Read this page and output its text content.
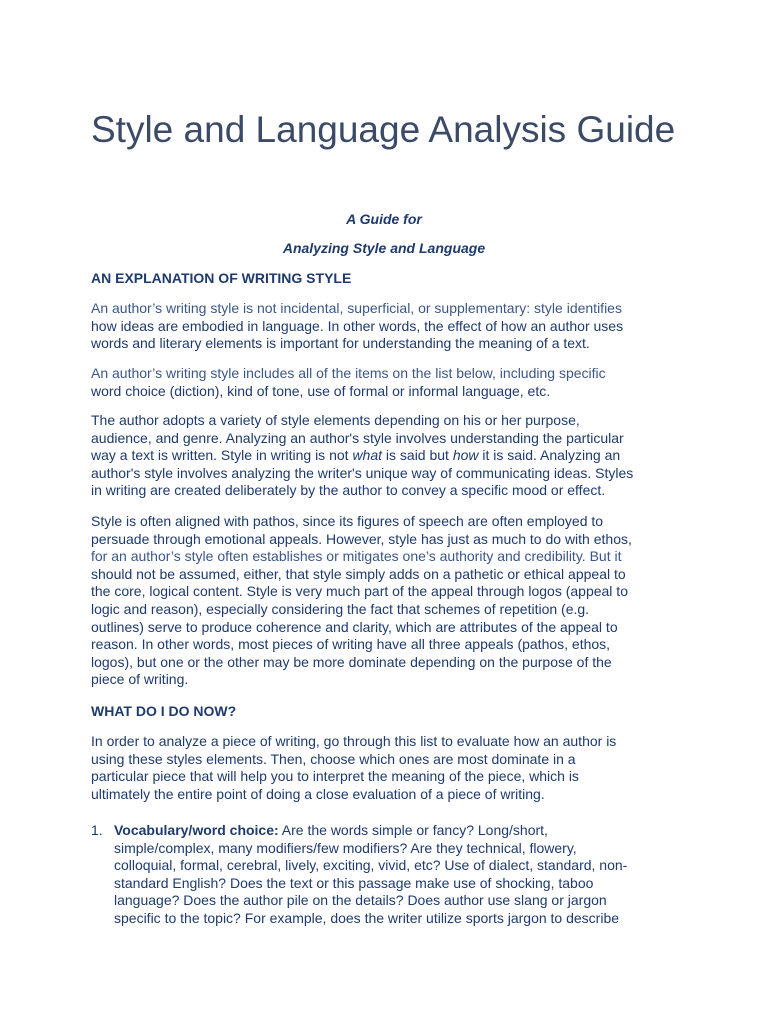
Style and Language Analysis Guide

A Guide for

Analyzing Style and Language

AN EXPLANATION OF WRITING STYLE
An author’s writing style is not incidental, superficial, or supplementary: style identifies
how ideas are embodied in language. In other words, the effect of how an author uses
words and literary elements is important for understanding the meaning of a text.
An author’s writing style includes all of the items on the list below, including specific
word choice (diction), kind of tone, use of formal or informal language, etc.
The author adopts a variety of style elements depending on his or her purpose,
audience, and genre. Analyzing an author's style involves understanding the particular
way a text is written. Style in writing is not what is said but how it is said. Analyzing an
author's style involves analyzing the writer's unique way of communicating ideas. Styles
in writing are created deliberately by the author to convey a specific mood or effect.
Style is often aligned with pathos, since its figures of speech are often employed to
persuade through emotional appeals. However, style has just as much to do with ethos,
for an author’s style often establishes or mitigates one’s authority and credibility. But it
should not be assumed, either, that style simply adds on a pathetic or ethical appeal to
the core, logical content. Style is very much part of the appeal through logos (appeal to
logic and reason), especially considering the fact that schemes of repetition (e.g.
outlines) serve to produce coherence and clarity, which are attributes of the appeal to
reason. In other words, most pieces of writing have all three appeals (pathos, ethos,
logos), but one or the other may be more dominate depending on the purpose of the
piece of writing.
WHAT DO I DO NOW?
In order to analyze a piece of writing, go through this list to evaluate how an author is
using these styles elements. Then, choose which ones are most dominate in a
particular piece that will help you to interpret the meaning of the piece, which is
ultimately the entire point of doing a close evaluation of a piece of writing.
1. Vocabulary/word choice: Are the words simple or fancy? Long/short,
simple/complex, many modifiers/few modifiers? Are they technical, flowery,
colloquial, formal, cerebral, lively, exciting, vivid, etc? Use of dialect, standard, non-
standard English? Does the text or this passage make use of shocking, taboo
language? Does the author pile on the details? Does author use slang or jargon
specific to the topic? For example, does the writer utilize sports jargon to describe
